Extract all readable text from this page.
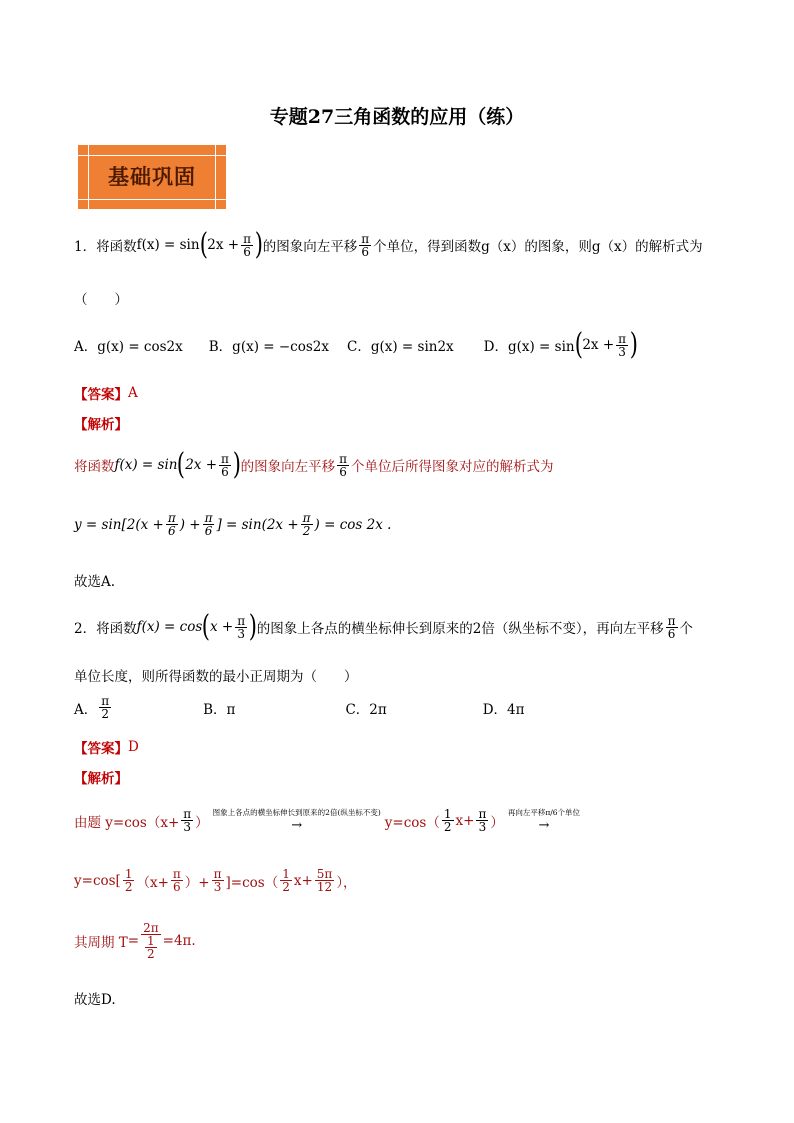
专题27三角函数的应用（练）
基础巩固
1．将函数 f(x) = sin ( $2x + \frac{\pi}{6}$ ) 的图象向左平移 $\frac{\pi}{6}$ 个单位，得到函数g（x）的图象，则g（x）的解析式为
（　　）
A．g(x) = cos2x B．g(x) = −cos2x C．g(x) = sin2x D．g(x) = sin ( $2x + \frac{\pi}{3}$ )
【答案】 A
【解析】
将函数 f(x) = sin ( $2x + \frac{\pi}{6}$ ) 的图象向左平移 $\frac{\pi}{6}$ 个单位后所得图象对应的解析式为
$y = \sin[2(x + \frac{\pi}{6}$ ) + $\frac{\pi}{6}$ ] = $\sin(2x + \frac{\pi}{2}$ ) = cos 2x .
故选A.
2．将函数 f(x) = cos ( $x + \frac{\pi}{3}$ ) 的图象上各点的横坐标伸长到原来的2倍（纵坐标不变），再向左平移 $\frac{\pi}{6}$ 个
单位长度，则所得函数的最小正周期为（　　）
A． $\frac{\pi}{2}$	B．π	C．2π	D．4π
【答案】 D
【解析】
由题 $y=\cos(x+ \frac{\pi}{3}$ ）
图象上各点的横坐标伸长到原来的2倍(纵坐标不变)
→	$y=\cos( \frac{1}{2} x+ \frac{\pi}{3}$ ）
再向左平移π/6个单位
→
$y=\cos[ \frac{1}{2} (x+ \frac{\pi}{6}$ ）+ $\frac{\pi}{3} ]=\cos( \frac{1}{2} x+ \frac{5\pi}{12}$ ），
其周期 T = 2π
1
2 =4π.
故选D.
